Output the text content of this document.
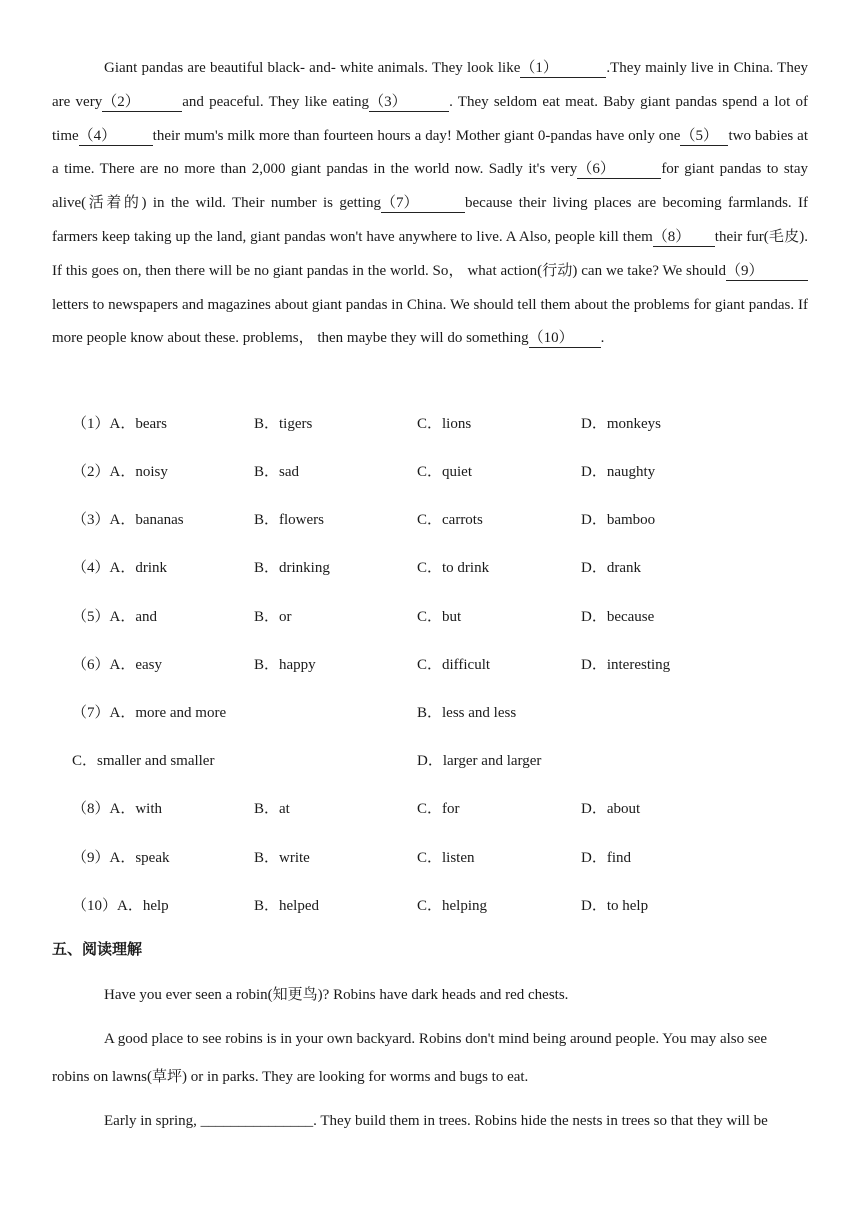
Giant pandas are beautiful black- and- white animals. They look like（1）	.They mainly live in China. They are very（2）	and peaceful. They like eating（3）	. They seldom eat meat. Baby giant pandas spend a lot of time（4） their mum's milk more than fourteen hours a day! Mother giant 0-pandas have only one（5） two babies at a time. There are no more than 2,000 giant pandas in the world now. Sadly it's very（6）	for giant pandas to stay alive(活着的) in the wild. Their number is getting（7）	because their living places are becoming farmlands. If farmers keep taking up the land, giant pandas won't have anywhere to live. A Also, people kill them（8） their fur(毛皮). If this goes on, then there will be no giant pandas in the world. So， what action(行动) can we take? We should（9）letters to newspapers and magazines about giant pandas in China. We should tell them about the problems for giant pandas. If more people know about these. problems， then maybe they will do something（10） .
（1）A．bears	B．tigers	C．lions	D．monkeys
（2）A．noisy	B．sad	C．quiet	D．naughty
（3）A．bananas	B．flowers	C．carrots	D．bamboo
（4）A．drink	B．drinking	C．to drink	D．drank
（5）A．and	B．or	C．but	D．because
（6）A．easy	B．happy	C．difficult	D．interesting
（7）A．more and more	B．less and less
C．smaller and smaller	D．larger and larger
（8）A．with	B．at	C．for	D．about
（9）A．speak	B．write	C．listen	D．find
（10）A．help	B．helped	C．helping	D．to help
五、阅读理解
Have you ever seen a robin(知更鸟)? Robins have dark heads and red chests.
A good place to see robins is in your own backyard. Robins don't mind being around people. You may also see
robins on lawns(草坪) or in parks. They are looking for worms and bugs to eat.
Early in spring, _______________. They build them in trees. Robins hide the nests in trees so that they will be
